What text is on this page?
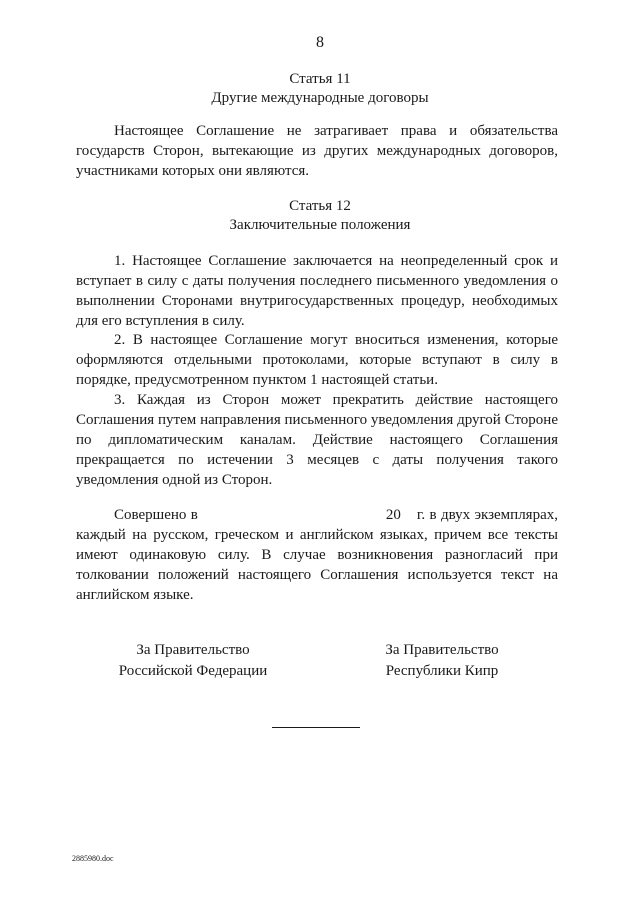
8
Статья 11
Другие международные договоры

Настоящее Соглашение не затрагивает права и обязательства государств Сторон, вытекающие из других международных договоров, участниками которых они являются.

Статья 12
Заключительные положения

1. Настоящее Соглашение заключается на неопределенный срок и вступает в силу с даты получения последнего письменного уведомления о выполнении Сторонами внутригосударственных процедур, необходимых для его вступления в силу.

2. В настоящее Соглашение могут вноситься изменения, которые оформляются отдельными протоколами, которые вступают в силу в порядке, предусмотренном пунктом 1 настоящей статьи.

3. Каждая из Сторон может прекратить действие настоящего Соглашения путем направления письменного уведомления другой Стороне по дипломатическим каналам. Действие настоящего Соглашения прекращается по истечении 3 месяцев с даты получения такого уведомления одной из Сторон.

Совершено в	20 г. в двух экземплярах, каждый на русском, греческом и английском языках, причем все тексты имеют одинаковую силу. В случае возникновения разногласий при толковании положений настоящего Соглашения используется текст на английском языке.

За Правительство
Российской Федерации
За Правительство
Республики Кипр
2885980.doc
